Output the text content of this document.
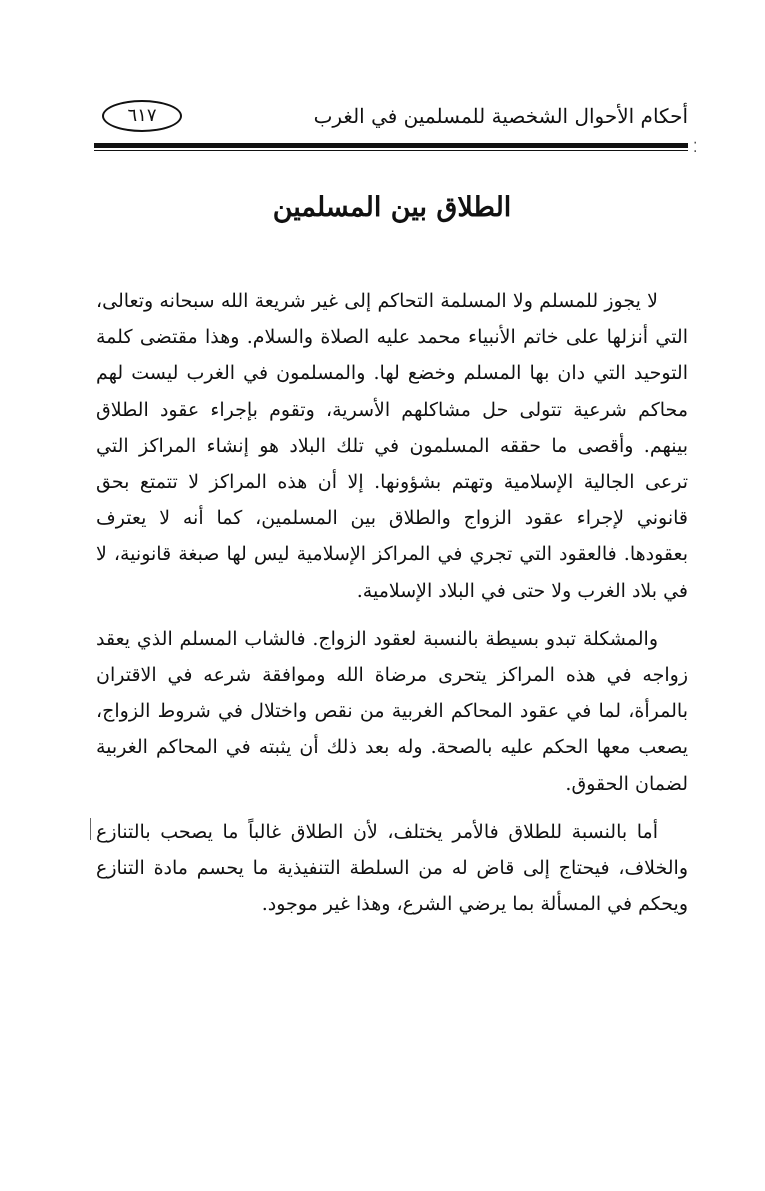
أحكام الأحوال الشخصية للمسلمين في الغرب
٦١٧
⁚
الطلاق بين المسلمين

لا يجوز للمسلم ولا المسلمة التحاكم إلى غير شريعة الله سبحانه وتعالى، التي أنزلها على خاتم الأنبياء محمد عليه الصلاة والسلام. وهذا مقتضى كلمة التوحيد التي دان بها المسلم وخضع لها. والمسلمون في الغرب ليست لهم محاكم شرعية تتولى حل مشاكلهم الأسرية، وتقوم بإجراء عقود الطلاق بينهم. وأقصى ما حققه المسلمون في تلك البلاد هو إنشاء المراكز التي ترعى الجالية الإسلامية وتهتم بشؤونها. إلا أن هذه المراكز لا تتمتع بحق قانوني لإجراء عقود الزواج والطلاق بين المسلمين، كما أنه لا يعترف بعقودها. فالعقود التي تجري في المراكز الإسلامية ليس لها صبغة قانونية، لا في بلاد الغرب ولا حتى في البلاد الإسلامية.

والمشكلة تبدو بسيطة بالنسبة لعقود الزواج. فالشاب المسلم الذي يعقد زواجه في هذه المراكز يتحرى مرضاة الله وموافقة شرعه في الاقتران بالمرأة، لما في عقود المحاكم الغربية من نقص واختلال في شروط الزواج، يصعب معها الحكم عليه بالصحة. وله بعد ذلك أن يثبته في المحاكم الغربية لضمان الحقوق.

أما بالنسبة للطلاق فالأمر يختلف، لأن الطلاق غالباً ما يصحب بالتنازع والخلاف، فيحتاج إلى قاض له من السلطة التنفيذية ما يحسم مادة التنازع ويحكم في المسألة بما يرضي الشرع، وهذا غير موجود.
